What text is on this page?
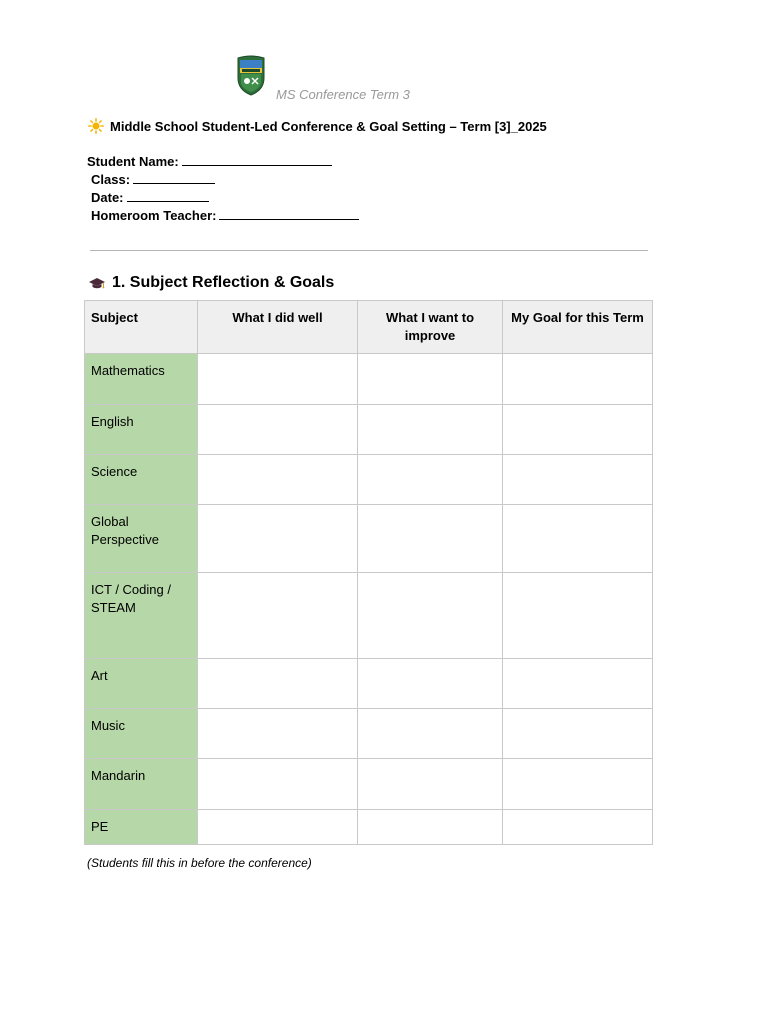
MS Conference Term 3
Middle School Student-Led Conference & Goal Setting – Term [3]_2025
Student Name:
Class:
Date:
Homeroom Teacher:
1. Subject Reflection & Goals
Subject	What I did well	What I want to improve	My Goal for this Term
Mathematics			
English			
Science			
Global Perspective			
ICT / Coding / STEAM			
Art			
Music			
Mandarin			
PE			
(Students fill this in before the conference)
